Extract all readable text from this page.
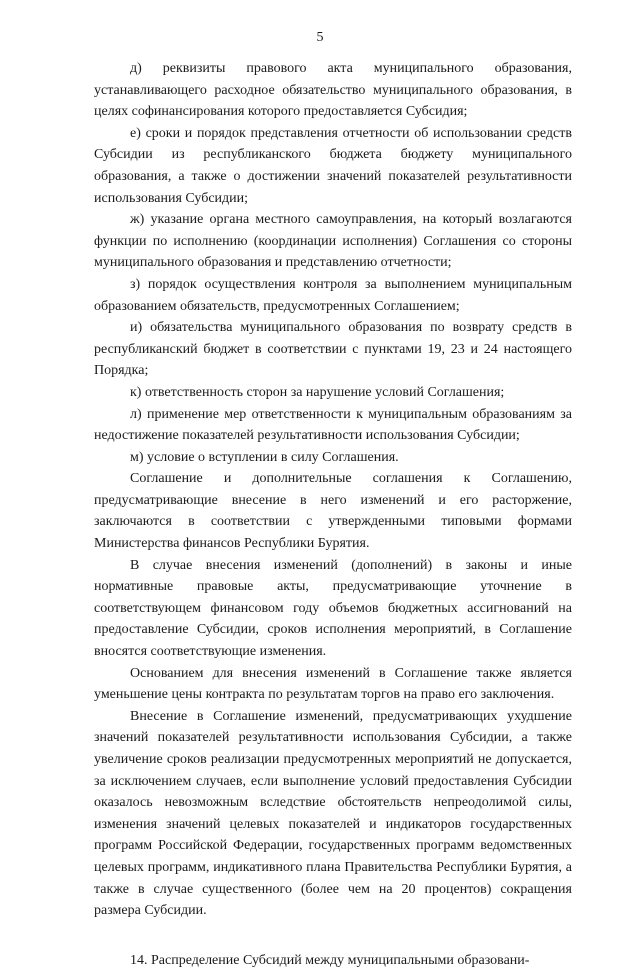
5

д) реквизиты правового акта муниципального образования, устанавливающего расходное обязательство муниципального образования, в целях софинансирования которого предоставляется Субсидия;

е) сроки и порядок представления отчетности об использовании средств Субсидии из республиканского бюджета бюджету муниципального образования, а также о достижении значений показателей результативности использования Субсидии;

ж) указание органа местного самоуправления, на который возлагаются функции по исполнению (координации исполнения) Соглашения со стороны муниципального образования и представлению отчетности;

з) порядок осуществления контроля за выполнением муниципальным образованием обязательств, предусмотренных Соглашением;

и) обязательства муниципального образования по возврату средств в республиканский бюджет в соответствии с пунктами 19, 23 и 24 настоящего Порядка;

к) ответственность сторон за нарушение условий Соглашения;

л) применение мер ответственности к муниципальным образованиям за недостижение показателей результативности использования Субсидии;

м) условие о вступлении в силу Соглашения.

Соглашение и дополнительные соглашения к Соглашению, предусматривающие внесение в него изменений и его расторжение, заключаются в соответствии с утвержденными типовыми формами Министерства финансов Республики Бурятия.

В случае внесения изменений (дополнений) в законы и иные нормативные правовые акты, предусматривающие уточнение в соответствующем финансовом году объемов бюджетных ассигнований на предоставление Субсидии, сроков исполнения мероприятий, в Соглашение вносятся соответствующие изменения.

Основанием для внесения изменений в Соглашение также является уменьшение цены контракта по результатам торгов на право его заключения.

Внесение в Соглашение изменений, предусматривающих ухудшение значений показателей результативности использования Субсидии, а также увеличение сроков реализации предусмотренных мероприятий не допускается, за исключением случаев, если выполнение условий предоставления Субсидии оказалось невозможным вследствие обстоятельств непреодолимой силы, изменения значений целевых показателей и индикаторов государственных программ Российской Федерации, государственных программ ведомственных целевых программ, индикативного плана Правительства Республики Бурятия, а также в случае существенного (более чем на 20 процентов) сокращения размера Субсидии.

14. Распределение Субсидий между муниципальными образовани-
